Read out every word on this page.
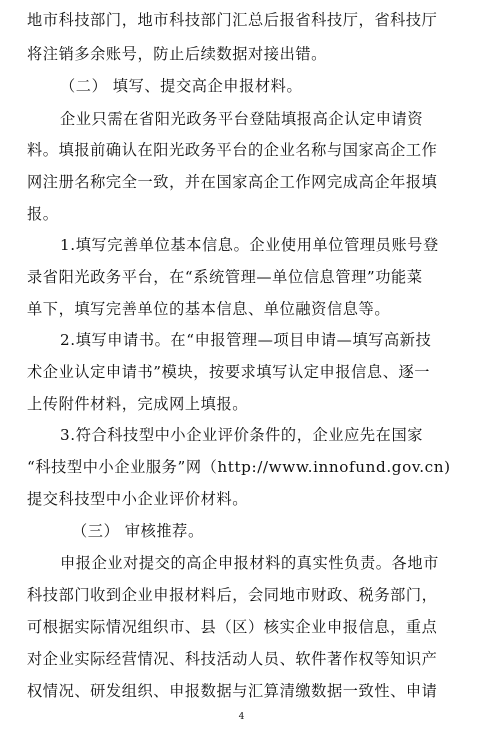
地市科技部门，地市科技部门汇总后报省科技厅，省科技厅
将注销多余账号，防止后续数据对接出错。
（二） 填写、提交高企申报材料。
企业只需在省阳光政务平台登陆填报高企认定申请资
料。填报前确认在阳光政务平台的企业名称与国家高企工作
网注册名称完全一致，并在国家高企工作网完成高企年报填
报。
1.填写完善单位基本信息。企业使用单位管理员账号登
录省阳光政务平台，在“系统管理—单位信息管理”功能菜
单下，填写完善单位的基本信息、单位融资信息等。
2.填写申请书。在“申报管理—项目申请—填写高新技
术企业认定申请书”模块，按要求填写认定申报信息、逐一
上传附件材料，完成网上填报。
3.符合科技型中小企业评价条件的，企业应先在国家
“科技型中小企业服务”网（http://www.innofund.gov.cn)
提交科技型中小企业评价材料。
（三） 审核推荐。
申报企业对提交的高企申报材料的真实性负责。各地市
科技部门收到企业申报材料后，会同地市财政、税务部门，
可根据实际情况组织市、县（区）核实企业申报信息，重点
对企业实际经营情况、科技活动人员、软件著作权等知识产
权情况、研发组织、申报数据与汇算清缴数据一致性、申请
4
